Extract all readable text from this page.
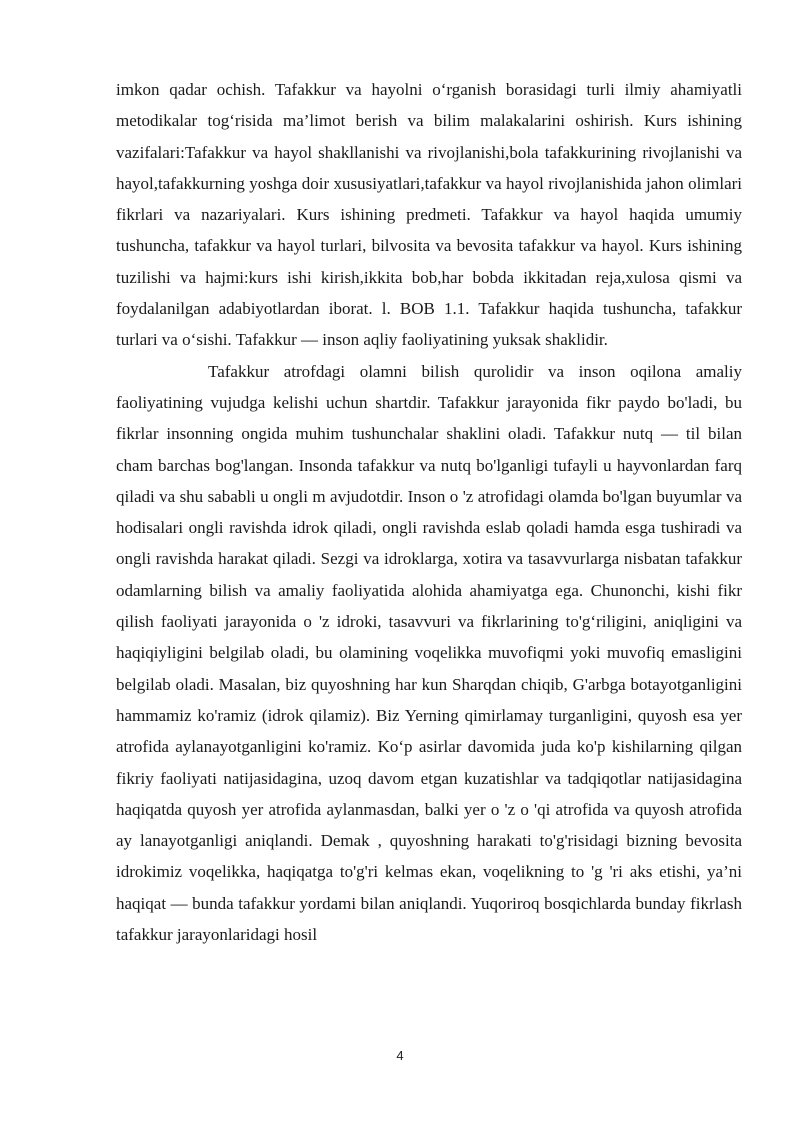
imkon qadar ochish. Tafakkur va hayolni o‘rganish borasidagi turli ilmiy ahamiyatli metodikalar tog‘risida ma’limot berish va bilim malakalarini oshirish. Kurs ishining vazifalari:Tafakkur va hayol shakllanishi va rivojlanishi,bola tafakkurining rivojlanishi va hayol,tafakkurning yoshga doir xususiyatlari,tafakkur va hayol rivojlanishida jahon olimlari fikrlari va nazariyalari. Kurs ishining predmeti. Tafakkur va hayol haqida umumiy tushuncha, tafakkur va hayol turlari, bilvosita va bevosita tafakkur va hayol. Kurs ishining tuzilishi va hajmi:kurs ishi kirish,ikkita bob,har bobda ikkitadan reja,xulosa qismi va foydalanilgan adabiyotlardan iborat. l. BOB 1.1. Tafakkur haqida tushuncha, tafakkur turlari va o‘sishi. Tafakkur — inson aqliy faoliyatining yuksak shaklidir.

Tafakkur atrofdagi olamni bilish qurolidir va inson oqilona amaliy faoliyatining vujudga kelishi uchun shartdir. Tafakkur jarayonida fikr paydo bo'ladi, bu fikrlar insonning ongida muhim tushunchalar shaklini oladi. Tafakkur nutq — til bilan cham barchas bog'langan. Insonda tafakkur va nutq bo'lganligi tufayli u hayvonlardan farq qiladi va shu sababli u ongli m avjudotdir. Inson o 'z atrofidagi olamda bo'lgan buyumlar va hodisalari ongli ravishda idrok qiladi, ongli ravishda eslab qoladi hamda esga tushiradi va ongli ravishda harakat qiladi. Sezgi va idroklarga, xotira va tasavvurlarga nisbatan tafakkur odamlarning bilish va amaliy faoliyatida alohida ahamiyatga ega. Chunonchi, kishi fikr qilish faoliyati jarayonida o 'z idroki, tasavvuri va fikrlarining to'g‘riligini, aniqligini va haqiqiyligini belgilab oladi, bu olamining voqelikka muvofiqmi yoki muvofiq emasligini belgilab oladi. Masalan, biz quyoshning har kun Sharqdan chiqib, G'arbga botayotganligini hammamiz ko'ramiz (idrok qilamiz). Biz Yerning qimirlamay turganligini, quyosh esa yer atrofida aylanayotganligini ko'ramiz. Ko‘p asirlar davomida juda ko'p kishilarning qilgan fikriy faoliyati natijasidagina, uzoq davom etgan kuzatishlar va tadqiqotlar natijasidagina haqiqatda quyosh yer atrofida aylanmasdan, balki yer o 'z o 'qi atrofida va quyosh atrofida ay lanayotganligi aniqlandi. Demak , quyoshning harakati to'g'risidagi bizning bevosita idrokimiz voqelikka, haqiqatga to'g'ri kelmas ekan, voqelikning to 'g 'ri aks etishi, ya’ni haqiqat — bunda tafakkur yordami bilan aniqlandi. Yuqoriroq bosqichlarda bunday fikrlash tafakkur jarayonlaridagi hosil

4
